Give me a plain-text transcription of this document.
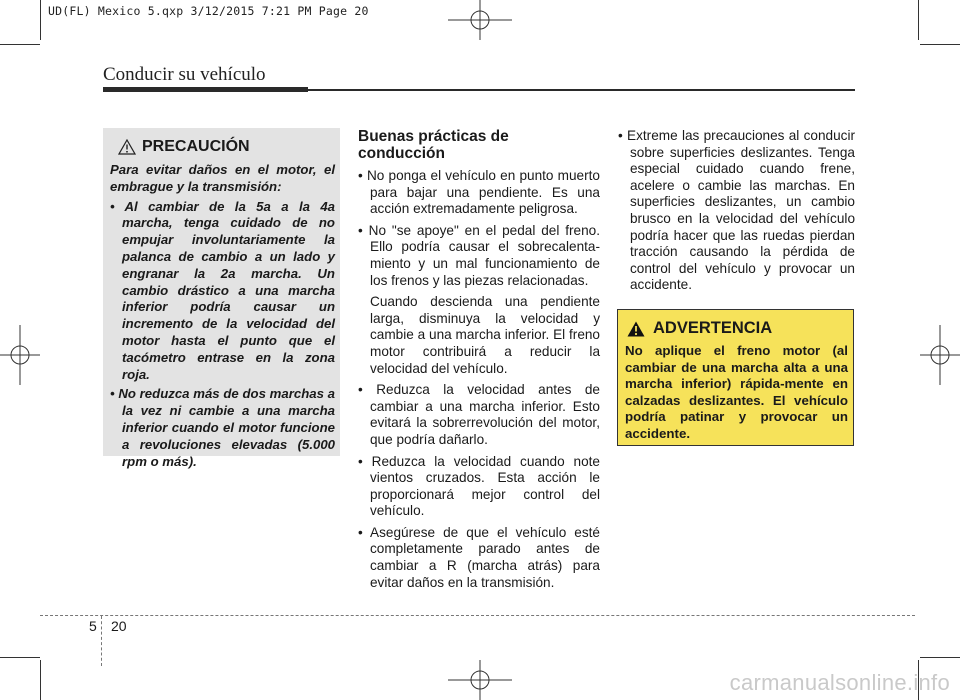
UD(FL) Mexico 5.qxp 3/12/2015 7:21 PM Page 20
Conducir su vehículo
PRECAUCIÓN

Para evitar daños en el motor, el embrague y la transmisión:

• Al cambiar de la 5a a la 4a marcha, tenga cuidado de no empujar involuntariamente la palanca de cambio a un lado y engranar la 2a marcha. Un cambio drástico a una marcha inferior podría causar un incremento de la velocidad del motor hasta el punto que el tacómetro entrase en la zona roja.
• No reduzca más de dos marchas a la vez ni cambie a una marcha inferior cuando el motor funcione a revoluciones elevadas (5.000 rpm o más).
Buenas prácticas de conducción
• No ponga el vehículo en punto muerto para bajar una pendiente. Es una acción extremadamente peligrosa.
• No "se apoye" en el pedal del freno. Ello podría causar el sobrecalenta-miento y un mal funcionamiento de los frenos y las piezas relacionadas.

Cuando descienda una pendiente larga, disminuya la velocidad y cambie a una marcha inferior. El freno motor contribuirá a reducir la velocidad del vehículo.

• Reduzca la velocidad antes de cambiar a una marcha inferior. Esto evitará la sobrerrevolución del motor, que podría dañarlo.
• Reduzca la velocidad cuando note vientos cruzados. Esta acción le proporcionará mejor control del vehículo.
• Asegúrese de que el vehículo esté completamente parado antes de cambiar a R (marcha atrás) para evitar daños en la transmisión.
• Extreme las precauciones al conducir sobre superficies deslizantes. Tenga especial cuidado cuando frene, acelere o cambie las marchas. En superficies deslizantes, un cambio brusco en la velocidad del vehículo podría hacer que las ruedas pierdan tracción causando la pérdida de control del vehículo y provocar un accidente.
ADVERTENCIA
No aplique el freno motor (al cambiar de una marcha alta a una marcha inferior) rápida-mente en calzadas deslizantes. El vehículo podría patinar y provocar un accidente.
5 20
carmanualsonline.info
